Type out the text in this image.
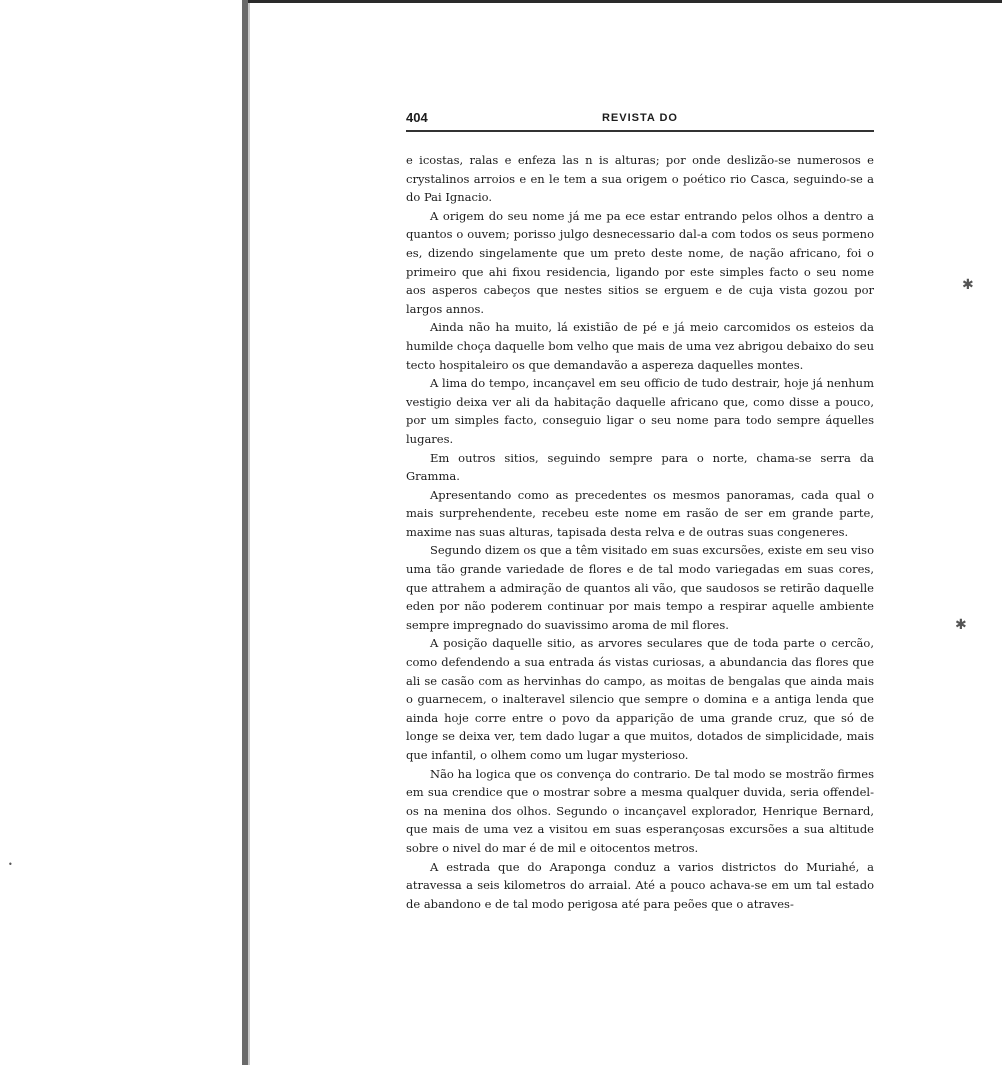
✱
✱
•
404	REVISTA DO

e icostas, ralas e enfeza las n is alturas; por onde deslizão-se numerosos e crystalinos arroios e en le tem a sua origem o poético rio Casca, seguindo-se a do Pai Ignacio.

A origem do seu nome já me pa ece estar entrando pelos olhos a dentro a quantos o ouvem; porisso julgo desnecessario dal-a com todos os seus pormeno es, dizendo singelamente que um preto deste nome, de nação africano, foi o primeiro que ahi fixou residencia, ligando por este simples facto o seu nome aos asperos cabeços que nestes sitios se erguem e de cuja vista gozou por largos annos.

Ainda não ha muito, lá existião de pé e já meio carcomidos os esteios da humilde choça daquelle bom velho que mais de uma vez abrigou debaixo do seu tecto hospitaleiro os que demandavão a aspereza daquelles montes.

A lima do tempo, incançavel em seu officio de tudo destrair, hoje já nenhum vestigio deixa ver ali da habitação daquelle africano que, como disse a pouco, por um simples facto, conseguio ligar o seu nome para todo sempre áquelles lugares.

Em outros sitios, seguindo sempre para o norte, chama-se serra da Gramma.

Apresentando como as precedentes os mesmos panoramas, cada qual o mais surprehendente, recebeu este nome em rasão de ser em grande parte, maxime nas suas alturas, tapisada desta relva e de outras suas congeneres.

Segundo dizem os que a têm visitado em suas excursões, existe em seu viso uma tão grande variedade de flores e de tal modo variegadas em suas cores, que attrahem a admiração de quantos ali vão, que saudosos se retirão daquelle eden por não poderem continuar por mais tempo a respirar aquelle ambiente sempre impregnado do suavissimo aroma de mil flores.

A posição daquelle sitio, as arvores seculares que de toda parte o cercão, como defendendo a sua entrada ás vistas curiosas, a abundancia das flores que ali se casão com as hervinhas do campo, as moitas de bengalas que ainda mais o guarnecem, o inalteravel silencio que sempre o domina e a antiga lenda que ainda hoje corre entre o povo da apparição de uma grande cruz, que só de longe se deixa ver, tem dado lugar a que muitos, dotados de simplicidade, mais que infantil, o olhem como um lugar mysterioso.

Não ha logica que os convença do contrario. De tal modo se mostrão firmes em sua crendice que o mostrar sobre a mesma qualquer duvida, seria offendel-os na menina dos olhos. Segundo o incançavel explorador, Henrique Bernard, que mais de uma vez a visitou em suas esperançosas excursões a sua altitude sobre o nivel do mar é de mil e oitocentos metros.

A estrada que do Araponga conduz a varios districtos do Muriahé, a atravessa a seis kilometros do arraial. Até a pouco achava-se em um tal estado de abandono e de tal modo perigosa até para peões que o atraves-
